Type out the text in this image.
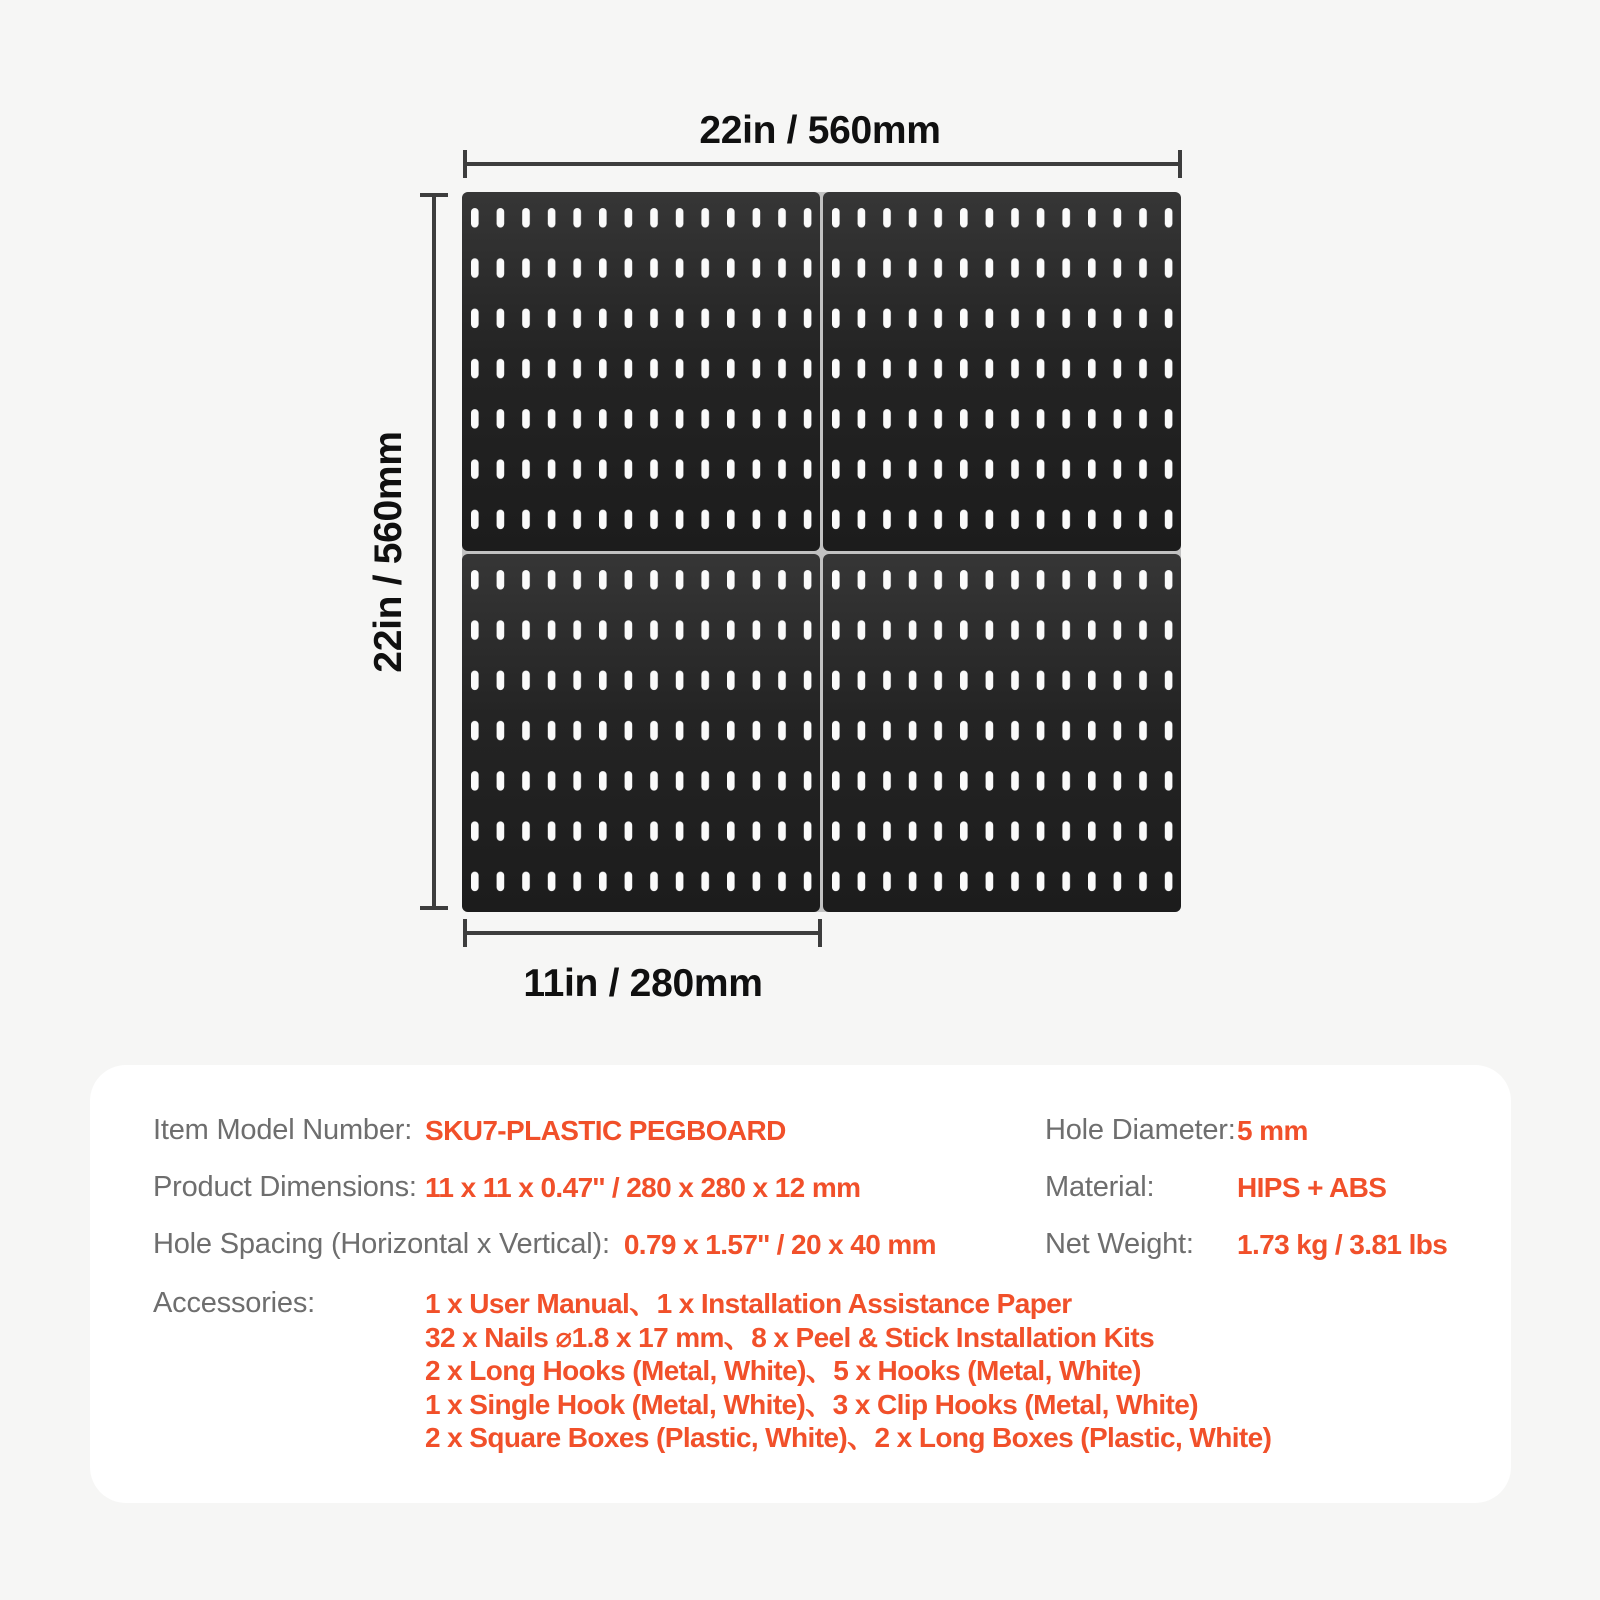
22in / 560mm
22in / 560mm
11in / 280mm
Item Model Number: SKU7-PLASTIC PEGBOARD
Product Dimensions: 11 x 11 x 0.47'' / 280 x 280 x 12 mm
Hole Spacing (Horizontal x Vertical): 0.79 x 1.57'' / 20 x 40 mm
Accessories:	1 x User Manual、1 x Installation Assistance Paper
32 x Nails ⌀1.8 x 17 mm、8 x Peel & Stick Installation Kits
2 x Long Hooks (Metal, White)、5 x Hooks (Metal, White)
1 x Single Hook (Metal, White)、3 x Clip Hooks (Metal, White)
2 x Square Boxes (Plastic, White)、2 x Long Boxes (Plastic, White)
Hole Diameter: 5 mm
Material:	HIPS + ABS
Net Weight:	1.73 kg / 3.81 lbs
